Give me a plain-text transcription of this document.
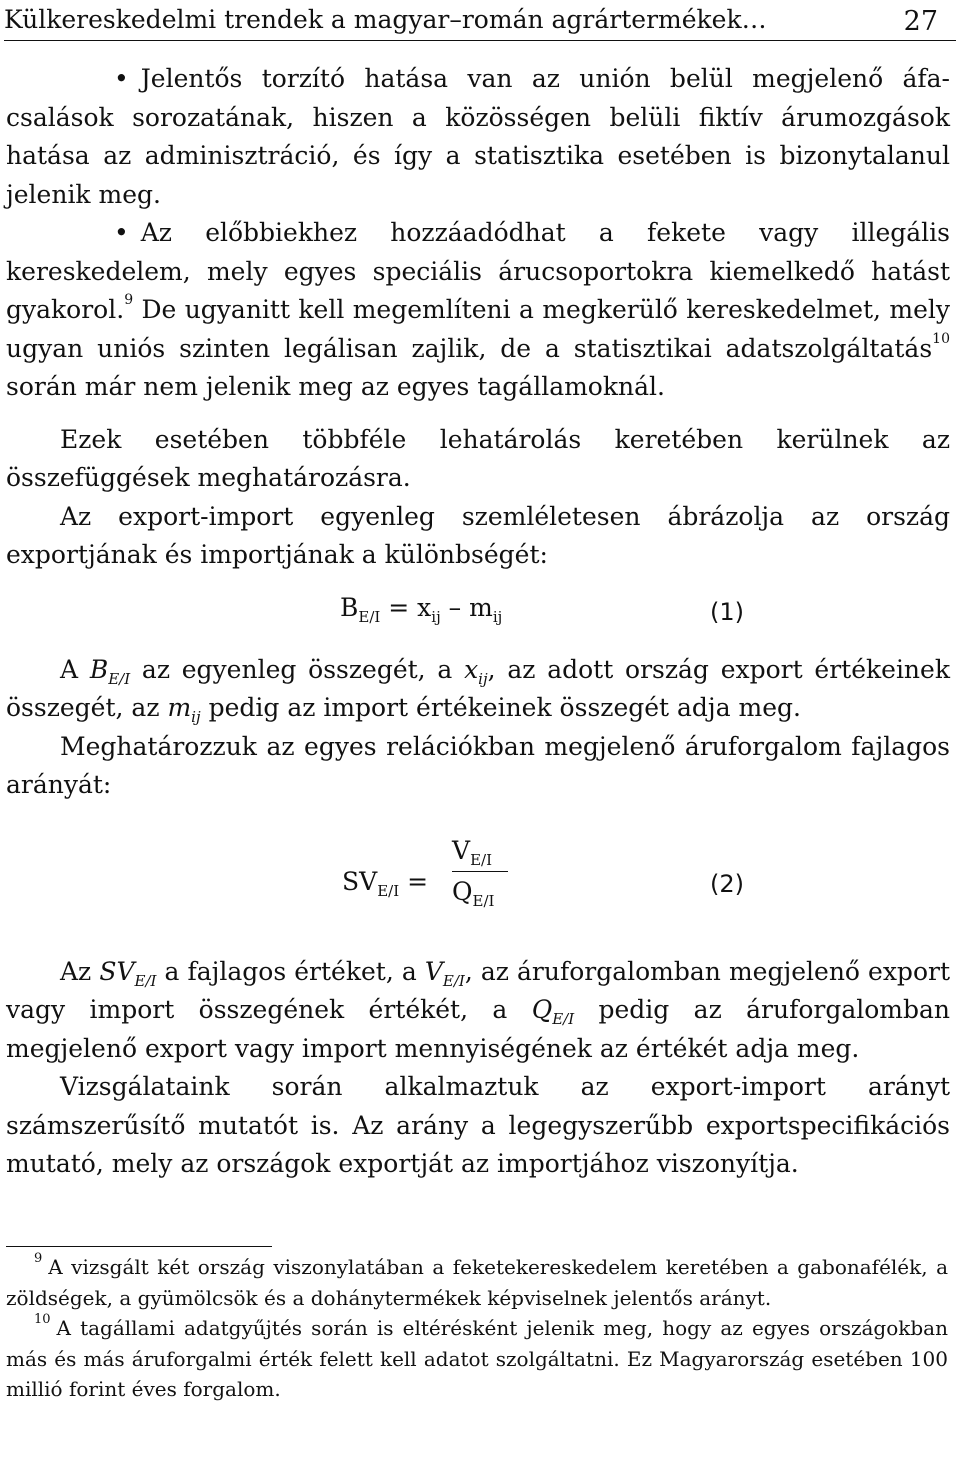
Külkereskedelmi trendek a magyar–román agrártermékek…	27

• Jelentős torzító hatása van az unión belül megjelenő áfa-csalások sorozatának, hiszen a közösségen belüli fiktív árumozgások hatása az adminisztráció, és így a statisztika esetében is bizonytalanul jelenik meg.

• Az előbbiekhez hozzáadódhat a fekete vagy illegális kereskedelem, mely egyes speciális árucsoportokra kiemelkedő hatást gyakorol.$^9$ De ugyanitt kell megemlíteni a megkerülő kereskedelmet, mely ugyan uniós szinten legálisan zajlik, de a statisztikai adatszolgáltatás$^{10}$ során már nem jelenik meg az egyes tagállamoknál.

Ezek esetében többféle lehatárolás keretében kerülnek az összefüggések meghatározásra.

Az export-import egyenleg szemléletesen ábrázolja az ország exportjának és importjának a különbségét:

$B_{E/I} = x_{ij} - m_{ij}$	(1)

A $B_{E/I}$ az egyenleg összegét, a $x_{ij}$, az adott ország export értékeinek összegét, az $m_{ij}$ pedig az import értékeinek összegét adja meg.

Meghatározzuk az egyes relációkban megjelenő áruforgalom fajlagos arányát:

$SV_{E/I}$ =
$V_{E/I}$
$Q_{E/I}$
(2)

Az $SV_{E/I}$ a fajlagos értéket, a $V_{E/I}$, az áruforgalomban megjelenő export vagy import összegének értékét, a $Q_{E/I}$ pedig az áruforgalomban megjelenő export vagy import mennyiségének az értékét adja meg.

Vizsgálataink során alkalmaztuk az export-import arányt számszerűsítő mutatót is. Az arány a legegyszerűbb exportspecifikációs mutató, mely az országok exportját az importjához viszonyítja.

$^9$ A vizsgált két ország viszonylatában a feketekereskedelem keretében a gabonafélék, a zöldségek, a gyümölcsök és a dohánytermékek képviselnek jelentős arányt.

$^{10}$ A tagállami adatgyűjtés során is eltérésként jelenik meg, hogy az egyes országokban más és más áruforgalmi érték felett kell adatot szolgáltatni. Ez Magyarország esetében 100 millió forint éves forgalom.
